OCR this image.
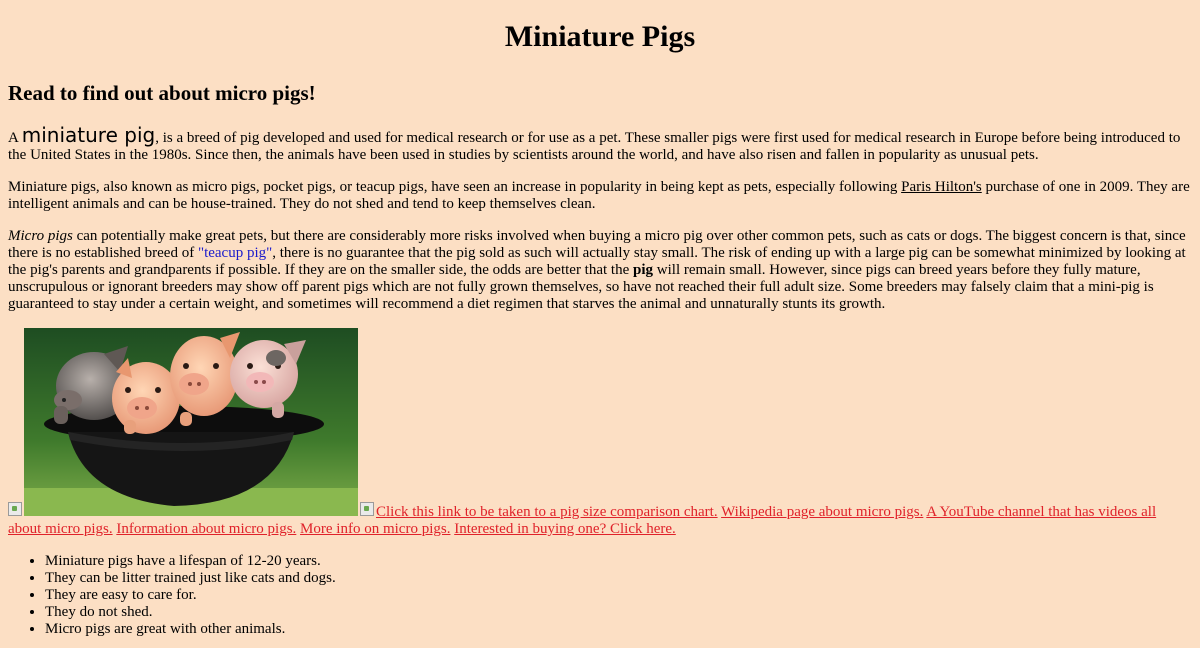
Miniature Pigs
Read to find out about micro pigs!

A miniature pig, is a breed of pig developed and used for medical research or for use as a pet. These smaller pigs were first used for medical research in Europe before being introduced to the United States in the 1980s. Since then, the animals have been used in studies by scientists around the world, and have also risen and fallen in popularity as unusual pets.

Miniature pigs, also known as micro pigs, pocket pigs, or teacup pigs, have seen an increase in popularity in being kept as pets, especially following Paris Hilton's purchase of one in 2009. They are intelligent animals and can be house-trained. They do not shed and tend to keep themselves clean.

Micro pigs can potentially make great pets, but there are considerably more risks involved when buying a micro pig over other common pets, such as cats or dogs. The biggest concern is that, since there is no established breed of "teacup pig", there is no guarantee that the pig sold as such will actually stay small. The risk of ending up with a large pig can be somewhat minimized by looking at the pig's parents and grandparents if possible. If they are on the smaller side, the odds are better that the pig will remain small. However, since pigs can breed years before they fully mature, unscrupulous or ignorant breeders may show off parent pigs which are not fully grown themselves, so have not reached their full adult size. Some breeders may falsely claim that a mini-pig is guaranteed to stay under a certain weight, and sometimes will recommend a diet regimen that starves the animal and unnaturally stunts its growth.

Click this link to be taken to a pig size comparison chart. Wikipedia page about micro pigs. A YouTube channel that has videos all about micro pigs. Information about micro pigs. More info on micro pigs. Interested in buying one? Click here.
• Miniature pigs have a lifespan of 12-20 years.
• They can be litter trained just like cats and dogs.
• They are easy to care for.
• They do not shed.
• Micro pigs are great with other animals.
